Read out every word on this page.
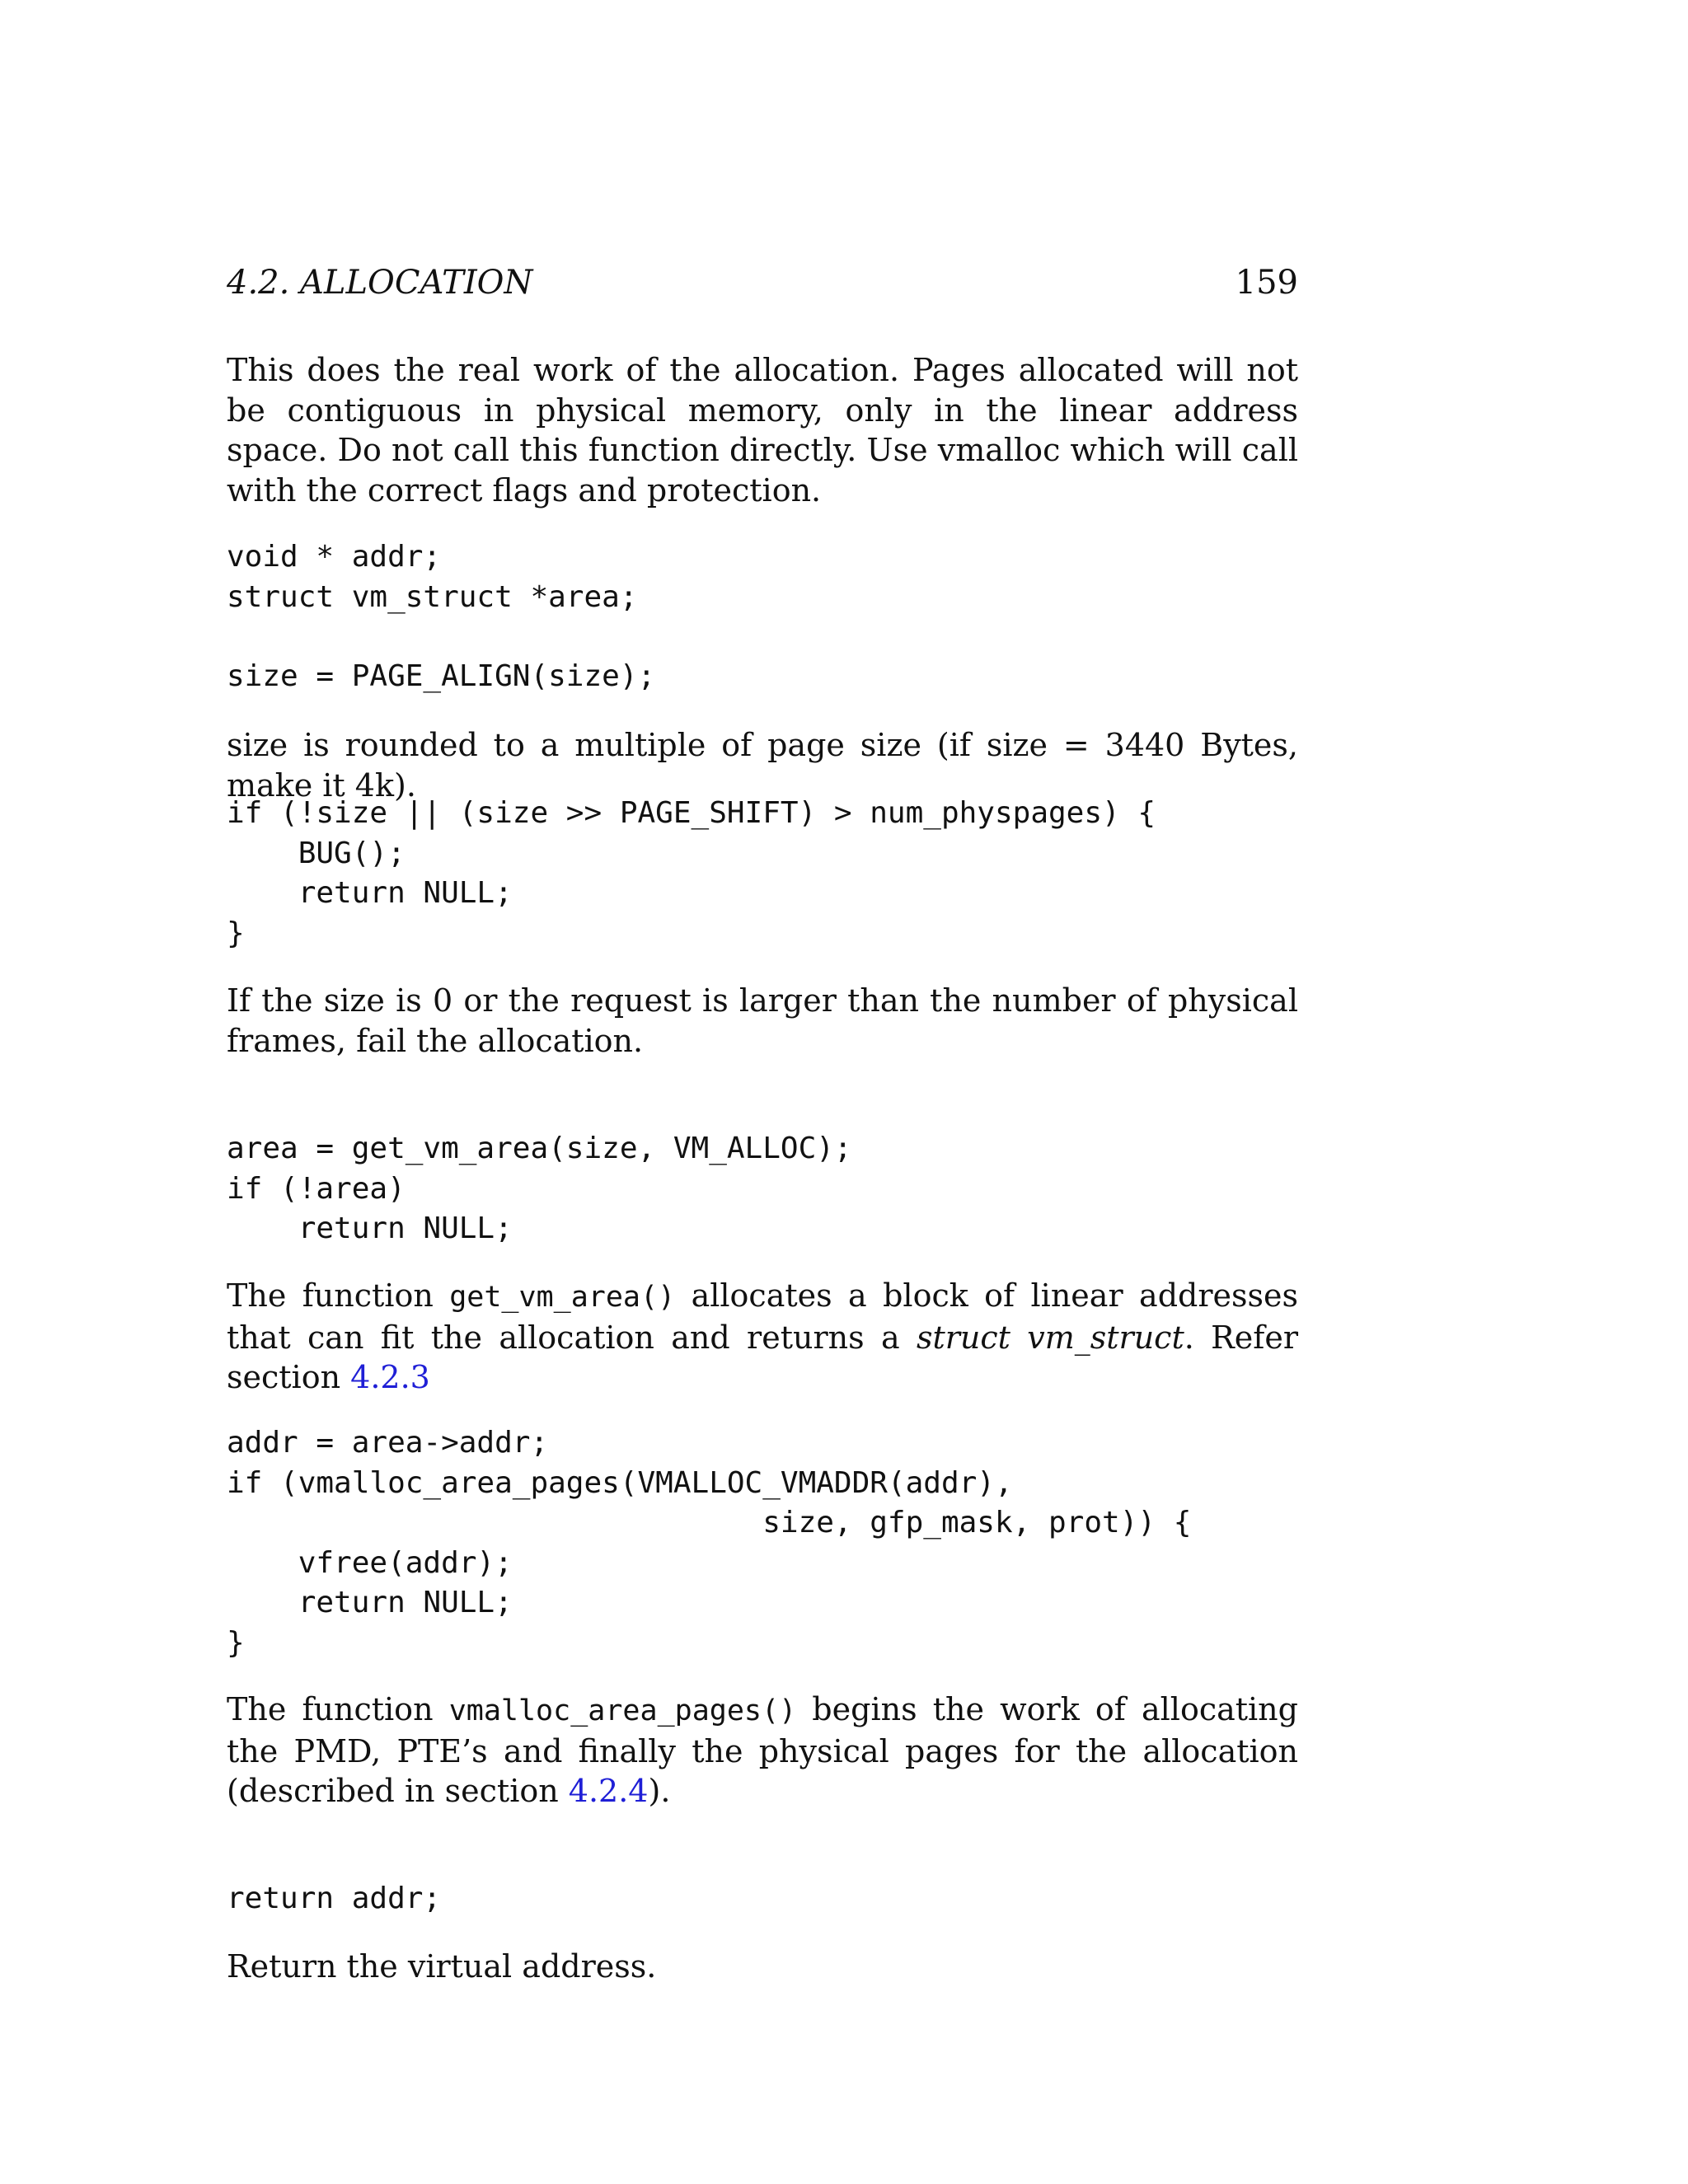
4.2. ALLOCATION	159

This does the real work of the allocation. Pages allocated will not be contiguous in physical memory, only in the linear address space. Do not call this function directly. Use vmalloc which will call with the correct flags and protection.

void * addr;
struct vm_struct *area;
size = PAGE_ALIGN(size);

size is rounded to a multiple of page size (if size = 3440 Bytes, make it 4k).

if (!size || (size >> PAGE_SHIFT) > num_physpages) {
BUG();
return NULL;
}

If the size is 0 or the request is larger than the number of physical frames, fail the allocation.

area = get_vm_area(size, VM_ALLOC);
if (!area)
return NULL;

The function get_vm_area() allocates a block of linear addresses that can fit the allocation and returns a struct vm_struct. Refer section 4.2.3

addr = area->addr;
if (vmalloc_area_pages(VMALLOC_VMADDR(addr),
size, gfp_mask, prot)) {
vfree(addr);
return NULL;
}

The function vmalloc_area_pages() begins the work of allocating the PMD, PTE’s and finally the physical pages for the allocation (described in section 4.2.4).

return addr;

Return the virtual address.
